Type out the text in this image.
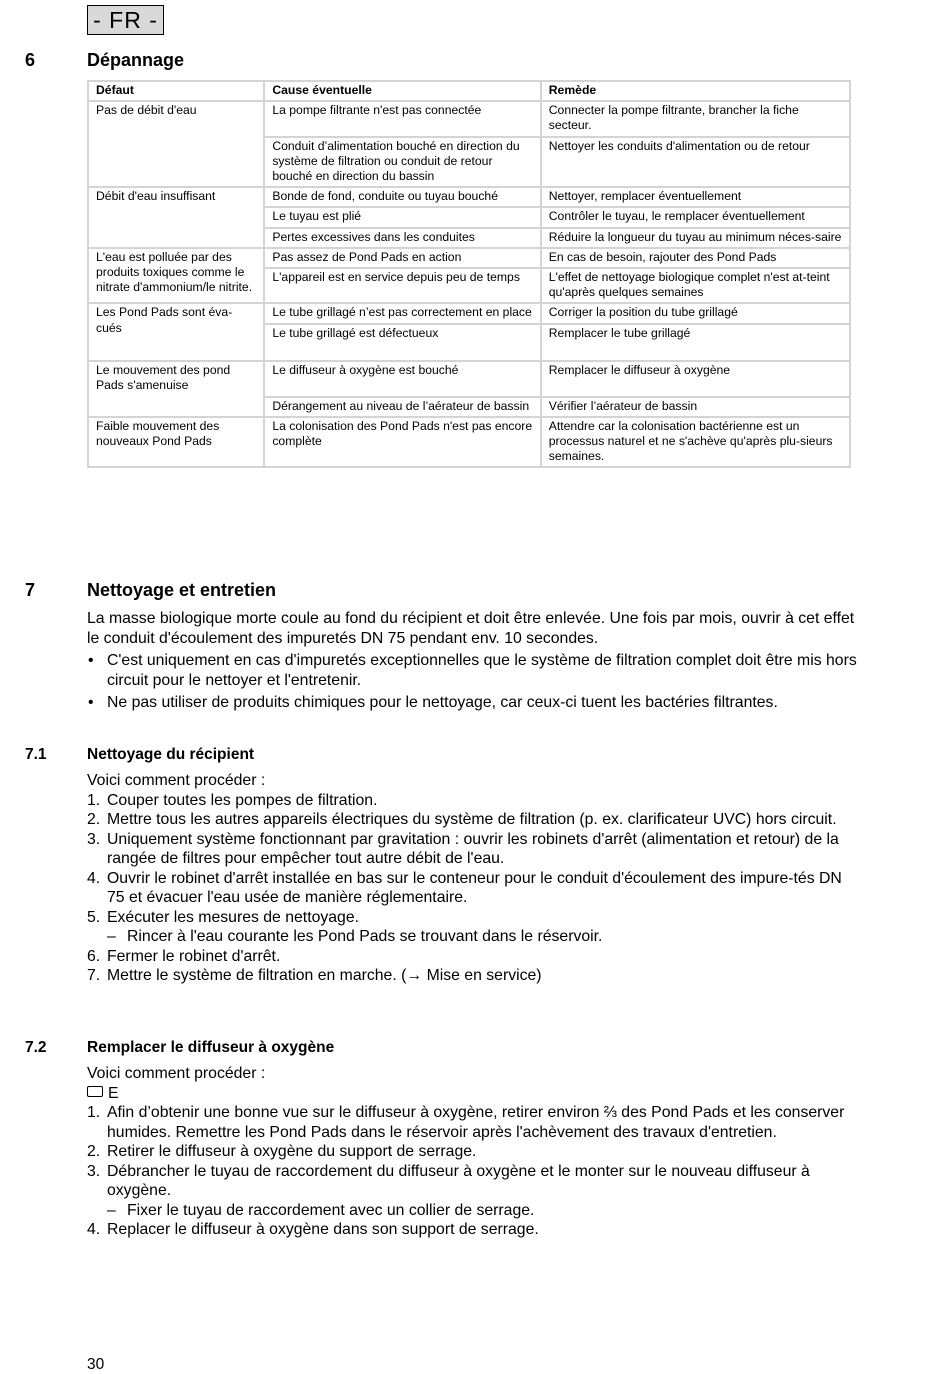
- FR -
6	Dépannage
Défaut	Cause éventuelle	Remède
Pas de débit d'eau	La pompe filtrante n'est pas connectée	Connecter la pompe filtrante, brancher la fiche secteur.
	Conduit d’alimentation bouché en direction du système de filtration ou conduit de retour bouché en direction du bassin	Nettoyer les conduits d'alimentation ou de retour
Débit d'eau insuffisant	Bonde de fond, conduite ou tuyau bouché	Nettoyer, remplacer éventuellement
	Le tuyau est plié	Contrôler le tuyau, le remplacer éventuellement
	Pertes excessives dans les conduites	Réduire la longueur du tuyau au minimum néces-saire
L'eau est polluée par des produits toxiques comme le nitrate d'ammonium/le nitrite.	Pas assez de Pond Pads en action	En cas de besoin, rajouter des Pond Pads
	L'appareil est en service depuis peu de temps	L'effet de nettoyage biologique complet n'est at-teint qu'après quelques semaines
Les Pond Pads sont éva-cués	Le tube grillagé n’est pas correctement en place	Corriger la position du tube grillagé
	Le tube grillagé est défectueux	Remplacer le tube grillagé
Le mouvement des pond Pads s'amenuise	Le diffuseur à oxygène est bouché	Remplacer le diffuseur à oxygène
	Dérangement au niveau de l’aérateur de bassin	Vérifier l’aérateur de bassin
Faible mouvement des nouveaux Pond Pads	La colonisation des Pond Pads n'est pas encore complète	Attendre car la colonisation bactérienne est un processus naturel et ne s'achève qu'après plu-sieurs semaines.
7	Nettoyage et entretien

La masse biologique morte coule au fond du récipient et doit être enlevée. Une fois par mois, ouvrir à cet effet le conduit d'écoulement des impuretés DN 75 pendant env. 10 secondes.

• C'est uniquement en cas d'impuretés exceptionnelles que le système de filtration complet doit être mis hors circuit pour le nettoyer et l'entretenir.
• Ne pas utiliser de produits chimiques pour le nettoyage, car ceux-ci tuent les bactéries filtrantes.
7.1	Nettoyage du récipient

Voici comment procéder :

1. Couper toutes les pompes de filtration.
2. Mettre tous les autres appareils électriques du système de filtration (p. ex. clarificateur UVC) hors circuit.
3. Uniquement système fonctionnant par gravitation : ouvrir les robinets d'arrêt (alimentation et retour) de la rangée de filtres pour empêcher tout autre débit de l'eau.
4. Ouvrir le robinet d'arrêt installée en bas sur le conteneur pour le conduit d'écoulement des impure-tés DN 75 et évacuer l'eau usée de manière réglementaire.
5. Exécuter les mesures de nettoyage.
– Rincer à l'eau courante les Pond Pads se trouvant dans le réservoir.
6. Fermer le robinet d'arrêt.
7. Mettre le système de filtration en marche. (→ Mise en service)
7.2	Remplacer le diffuseur à oxygène

Voici comment procéder :

E

1. Afin d’obtenir une bonne vue sur le diffuseur à oxygène, retirer environ ⅔ des Pond Pads et les conserver humides. Remettre les Pond Pads dans le réservoir après l'achèvement des travaux d'entretien.
2. Retirer le diffuseur à oxygène du support de serrage.
3. Débrancher le tuyau de raccordement du diffuseur à oxygène et le monter sur le nouveau diffuseur à oxygène.
– Fixer le tuyau de raccordement avec un collier de serrage.
4. Replacer le diffuseur à oxygène dans son support de serrage.
30
